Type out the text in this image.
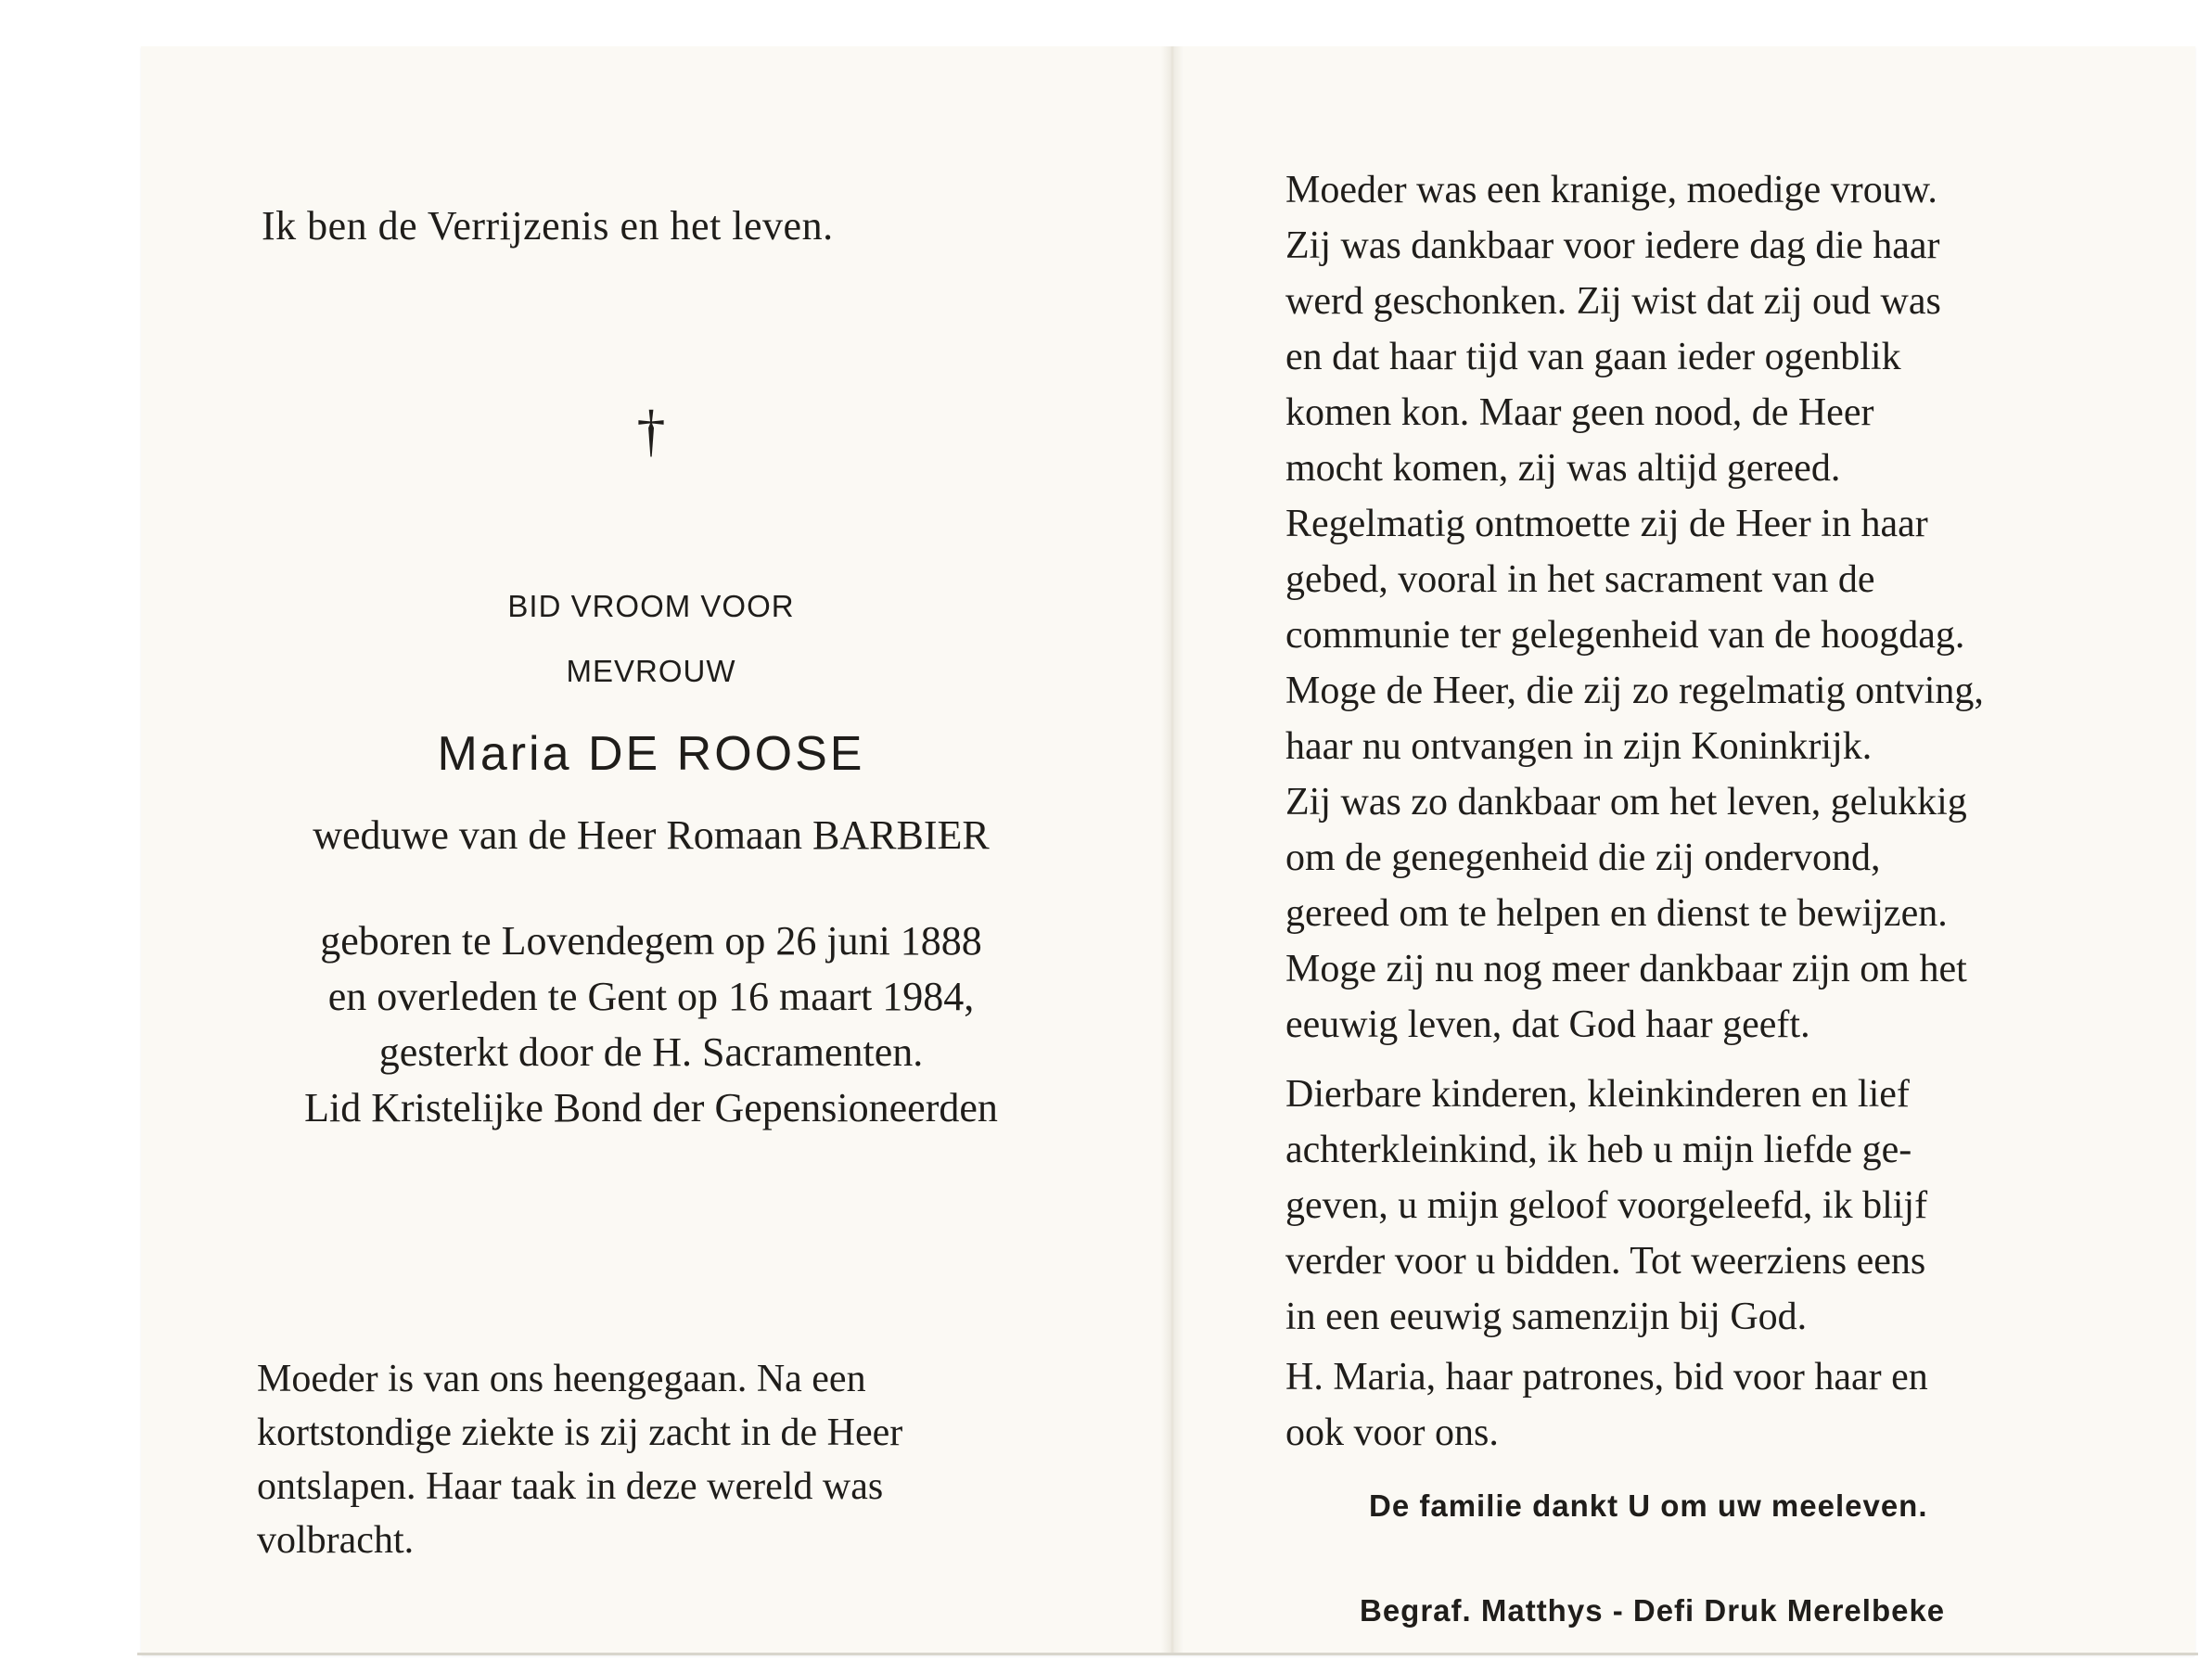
Ik ben de Verrijzenis en het leven.
†
BID VROOM VOOR
MEVROUW
Maria DE ROOSE
weduwe van de Heer Romaan BARBIER
geboren te Lovendegem op 26 juni 1888
en overleden te Gent op 16 maart 1984,
gesterkt door de H. Sacramenten.
Lid Kristelijke Bond der Gepensioneerden
Moeder is van ons heengegaan. Na een
kortstondige ziekte is zij zacht in de Heer
ontslapen. Haar taak in deze wereld was
volbracht.
Moeder was een kranige, moedige vrouw.
Zij was dankbaar voor iedere dag die haar
werd geschonken. Zij wist dat zij oud was
en dat haar tijd van gaan ieder ogenblik
komen kon. Maar geen nood, de Heer
mocht komen, zij was altijd gereed.
Regelmatig ontmoette zij de Heer in haar
gebed, vooral in het sacrament van de
communie ter gelegenheid van de hoogdag.
Moge de Heer, die zij zo regelmatig ontving,
haar nu ontvangen in zijn Koninkrijk.
Zij was zo dankbaar om het leven, gelukkig
om de genegenheid die zij ondervond,
gereed om te helpen en dienst te bewijzen.
Moge zij nu nog meer dankbaar zijn om het
eeuwig leven, dat God haar geeft.
Dierbare kinderen, kleinkinderen en lief
achterkleinkind, ik heb u mijn liefde ge-
geven, u mijn geloof voorgeleefd, ik blijf
verder voor u bidden. Tot weerziens eens
in een eeuwig samenzijn bij God.
H. Maria, haar patrones, bid voor haar en
ook voor ons.
De familie dankt U om uw meeleven.
Begraf. Matthys - Defi Druk Merelbeke
